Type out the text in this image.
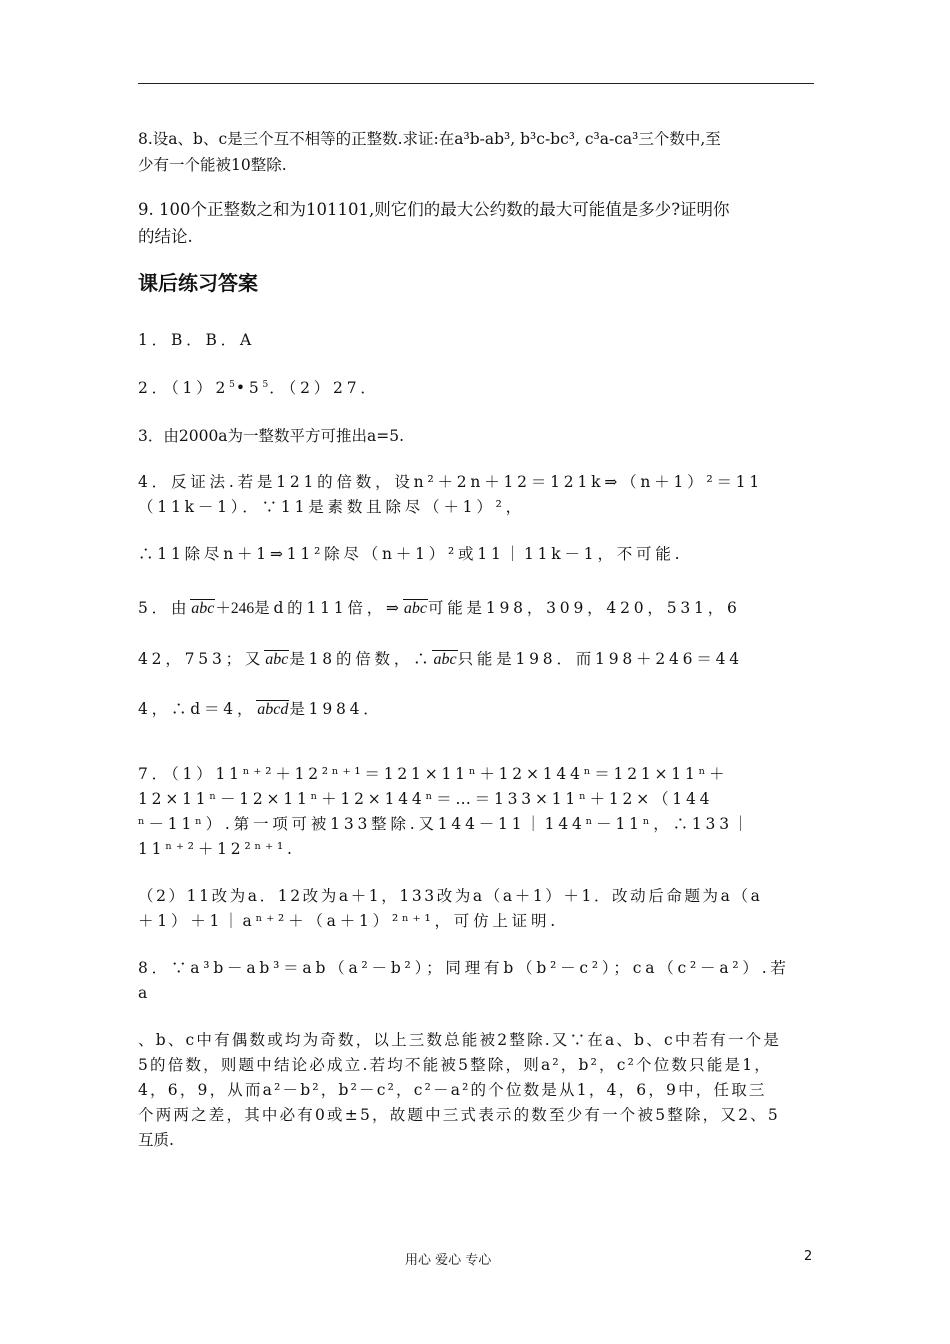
8.设a、b、c是三个互不相等的正整数.求证:在a³b-ab³, b³c-bc³, c³a-ca³三个数中,至
少有一个能被10整除.
9. 100个正整数之和为101101,则它们的最大公约数的最大可能值是多少?证明你
的结论.
课后练习答案
1．B．B．A
2．$(1)2^5•5^5$．（2）27．
3．由2000a为一整数平方可推出a=5.
4．反证法.若是121的倍数，设n²＋2n＋12＝121k⇒（n＋1）²＝11
（11k－1）．∵11是素数且除尽（＋1）²，
∴11除尽n＋1⇒11²除尽（n＋1）²或11｜11k－1，不可能.
5．由abc＋246是d的111倍，⇒abc可能是198，309，420，531，6
42，753；又abc是18的倍数，∴abc只能是198．而198＋246＝44
4，∴d＝4，abcd是1984．
7．（1）11ⁿ⁺²＋12²ⁿ⁺¹＝121×11ⁿ＋12×144ⁿ＝121×11ⁿ＋
12×11ⁿ－12×11ⁿ＋12×144ⁿ＝…＝133×11ⁿ＋12×（144
ⁿ－11ⁿ）.第一项可被133整除.又144－11｜144ⁿ－11ⁿ，∴133｜
11ⁿ⁺²＋12²ⁿ⁺¹.
（2）11改为a．12改为a＋1，133改为a（a＋1）＋1．改动后命题为a（a
＋1）＋1｜aⁿ⁺²＋（a＋1）²ⁿ⁺¹，可仿上证明.
8．∵a³b－ab³＝ab（a²－b²）；同理有b（b²－c²）；ca（c²－a²）.若
a
、b、c中有偶数或均为奇数，以上三数总能被2整除.又∵在a、b、c中若有一个是
5的倍数，则题中结论必成立.若均不能被5整除，则a²，b²，c²个位数只能是1，
4，6，9，从而a²－b²，b²－c²，c²－a²的个位数是从1，4，6，9中，任取三
个两两之差，其中必有0或±5，故题中三式表示的数至少有一个被5整除，又2、5
互质.
用心 爱心 专心	2
